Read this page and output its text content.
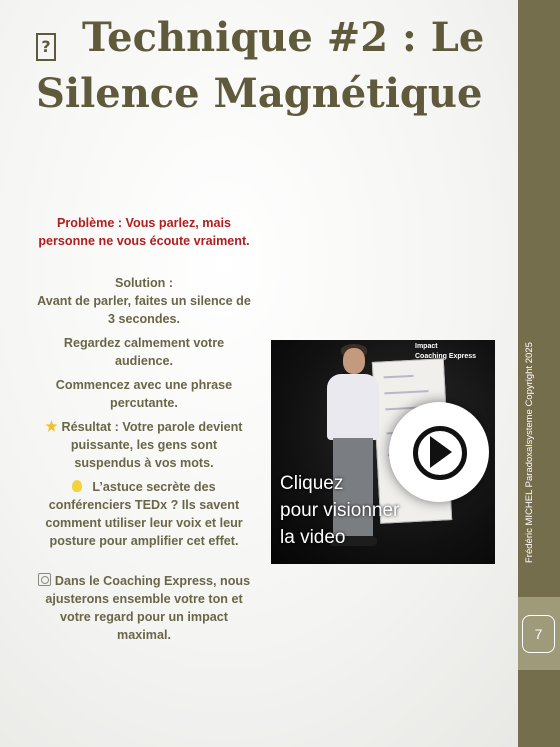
?Technique #2 : Le Silence Magnétique

Problème : Vous parlez, mais personne ne vous écoute vraiment.

Solution :

Avant de parler, faites un silence de 3 secondes.

Regardez calmement votre audience.

Commencez avec une phrase percutante.

Résultat : Votre parole devient puissante, les gens sont suspendus à vos mots.

L’astuce secrète des conférenciers TEDx ? Ils savent comment utiliser leur voix et leur posture pour amplifier cet effet.

Dans le Coaching Express, nous ajusterons ensemble votre ton et votre regard pour un impact maximal.

Impact
Coaching Express
Cliquez
pour visionner
la video	Frédéric MICHEL Paradoxalsysteme Copyright 2025
7
